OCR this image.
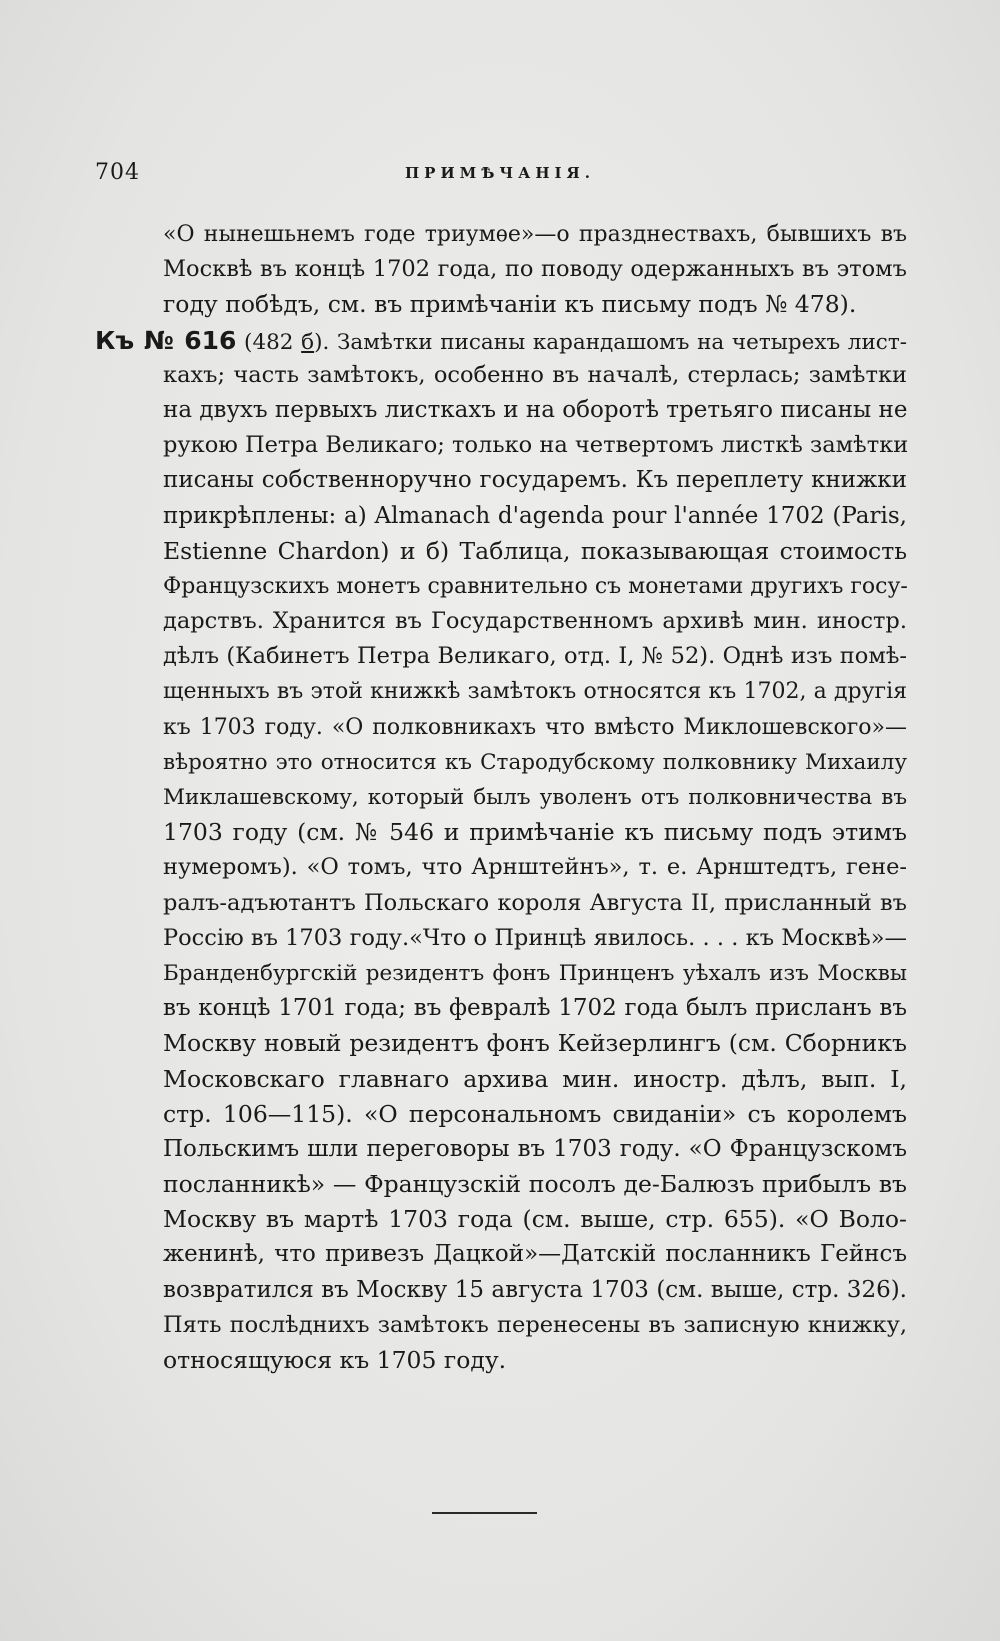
704	ПРИМѢЧАНІЯ.
«О нынешьнемъ годе триумѳе»—о празднествахъ, бывшихъ въ
Москвѣ въ концѣ 1702 года, по поводу одержанныхъ въ этомъ
году побѣдъ, см. въ примѣчаніи къ письму подъ № 478).
Къ № 616 (482 б). Замѣтки писаны карандашомъ на четырехъ лист-
кахъ; часть замѣтокъ, особенно въ началѣ, стерлась; замѣтки
на двухъ первыхъ листкахъ и на оборотѣ третьяго писаны не
рукою Петра Великаго; только на четвертомъ листкѣ замѣтки
писаны собственноручно государемъ. Къ переплету книжки
прикрѣплены: а) Almanach d'agenda pour l'année 1702 (Paris,
Estienne Chardon) и б) Таблица, показывающая стоимость
Французскихъ монетъ сравнительно съ монетами другихъ госу-
дарствъ. Хранится въ Государственномъ архивѣ мин. иностр.
дѣлъ (Кабинетъ Петра Великаго, отд. I, № 52). Однѣ изъ помѣ-
щенныхъ въ этой книжкѣ замѣтокъ относятся къ 1702, а другія
къ 1703 году. «О полковникахъ что вмѣсто Миклошевского»—
вѣроятно это относится къ Стародубскому полковнику Михаилу
Миклашевскому, который былъ уволенъ отъ полковничества въ
1703 году (см. № 546 и примѣчаніе къ письму подъ этимъ
нумеромъ). «О томъ, что Арнштейнъ», т. е. Арнштедтъ, гене-
ралъ-адъютантъ Польскаго короля Августа II, присланный въ
Россію въ 1703 году.«Что о Принцѣ явилось. . . . къ Москвѣ»—
Бранденбургскій резидентъ фонъ Принценъ уѣхалъ изъ Москвы
въ концѣ 1701 года; въ февралѣ 1702 года былъ присланъ въ
Москву новый резидентъ фонъ Кейзерлингъ (см. Сборникъ
Московскаго главнаго архива мин. иностр. дѣлъ, вып. I,
стр. 106—115). «О персональномъ свиданіи» съ королемъ
Польскимъ шли переговоры въ 1703 году. «О Французскомъ
посланникѣ» — Французскій посолъ де-Балюзъ прибылъ въ
Москву въ мартѣ 1703 года (см. выше, стр. 655). «О Воло-
женинѣ, что привезъ Дацкой»—Датскій посланникъ Гейнсъ
возвратился въ Москву 15 августа 1703 (см. выше, стр. 326).
Пять послѣднихъ замѣтокъ перенесены въ записную книжку,
относящуюся къ 1705 году.
